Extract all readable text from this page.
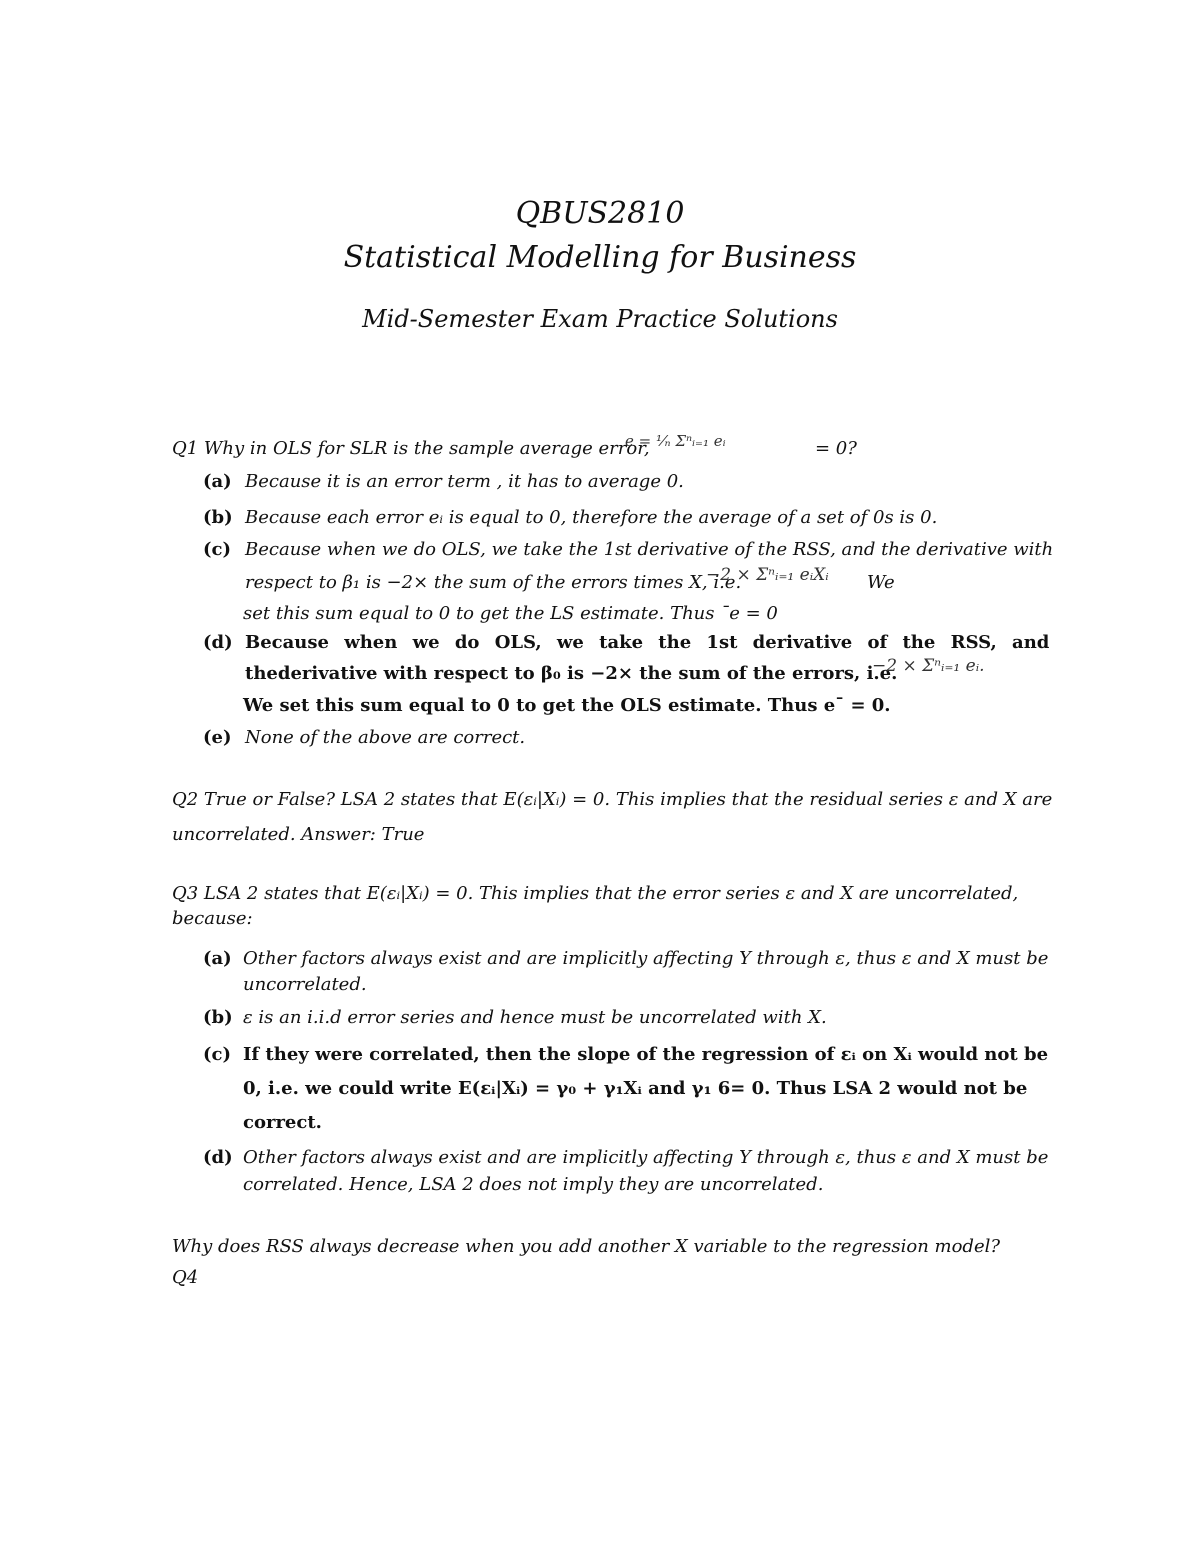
QBUS2810
Statistical Modelling for Business
Mid-Semester Exam Practice Solutions
Q1 Why in OLS for SLR is the sample average error,
e = ¹⁄ₙ Σⁿᵢ₌₁ eᵢ	= 0?
(a) Because it is an error term , it has to average 0.
(b) Because each error eᵢ is equal to 0, therefore the average of a set of 0s is 0.
(c) Because when we do OLS, we take the 1st derivative of the RSS, and the derivative with
respect to β₁ is −2× the sum of the errors times X, i.e.
−2 × Σⁿᵢ₌₁ eᵢXᵢ We
set this sum equal to 0 to get the LS estimate. Thus ¯e = 0
(d) Because when we do OLS, we take the 1st derivative of the RSS, and
thederivative with respect to β₀ is −2× the sum of the errors, i.e.
−2 × Σⁿᵢ₌₁ eᵢ.
We set this sum equal to 0 to get the OLS estimate. Thus e¯ = 0.
(e) None of the above are correct.
Q2 True or False? LSA 2 states that E(εᵢ|Xᵢ) = 0. This implies that the residual series ε and X are
uncorrelated. Answer: True
Q3 LSA 2 states that E(εᵢ|Xᵢ) = 0. This implies that the error series ε and X are uncorrelated,
because:
(a) Other factors always exist and are implicitly affecting Y through ε, thus ε and X must be
uncorrelated.
(b) ε is an i.i.d error series and hence must be uncorrelated with X.
(c) If they were correlated, then the slope of the regression of εᵢ on Xᵢ would not be
0, i.e. we could write E(εᵢ|Xᵢ) = γ₀ + γ₁Xᵢ and γ₁ 6= 0. Thus LSA 2 would not be
correct.
(d) Other factors always exist and are implicitly affecting Y through ε, thus ε and X must be
correlated. Hence, LSA 2 does not imply they are uncorrelated.
Why does RSS always decrease when you add another X variable to the regression model?
Q4
